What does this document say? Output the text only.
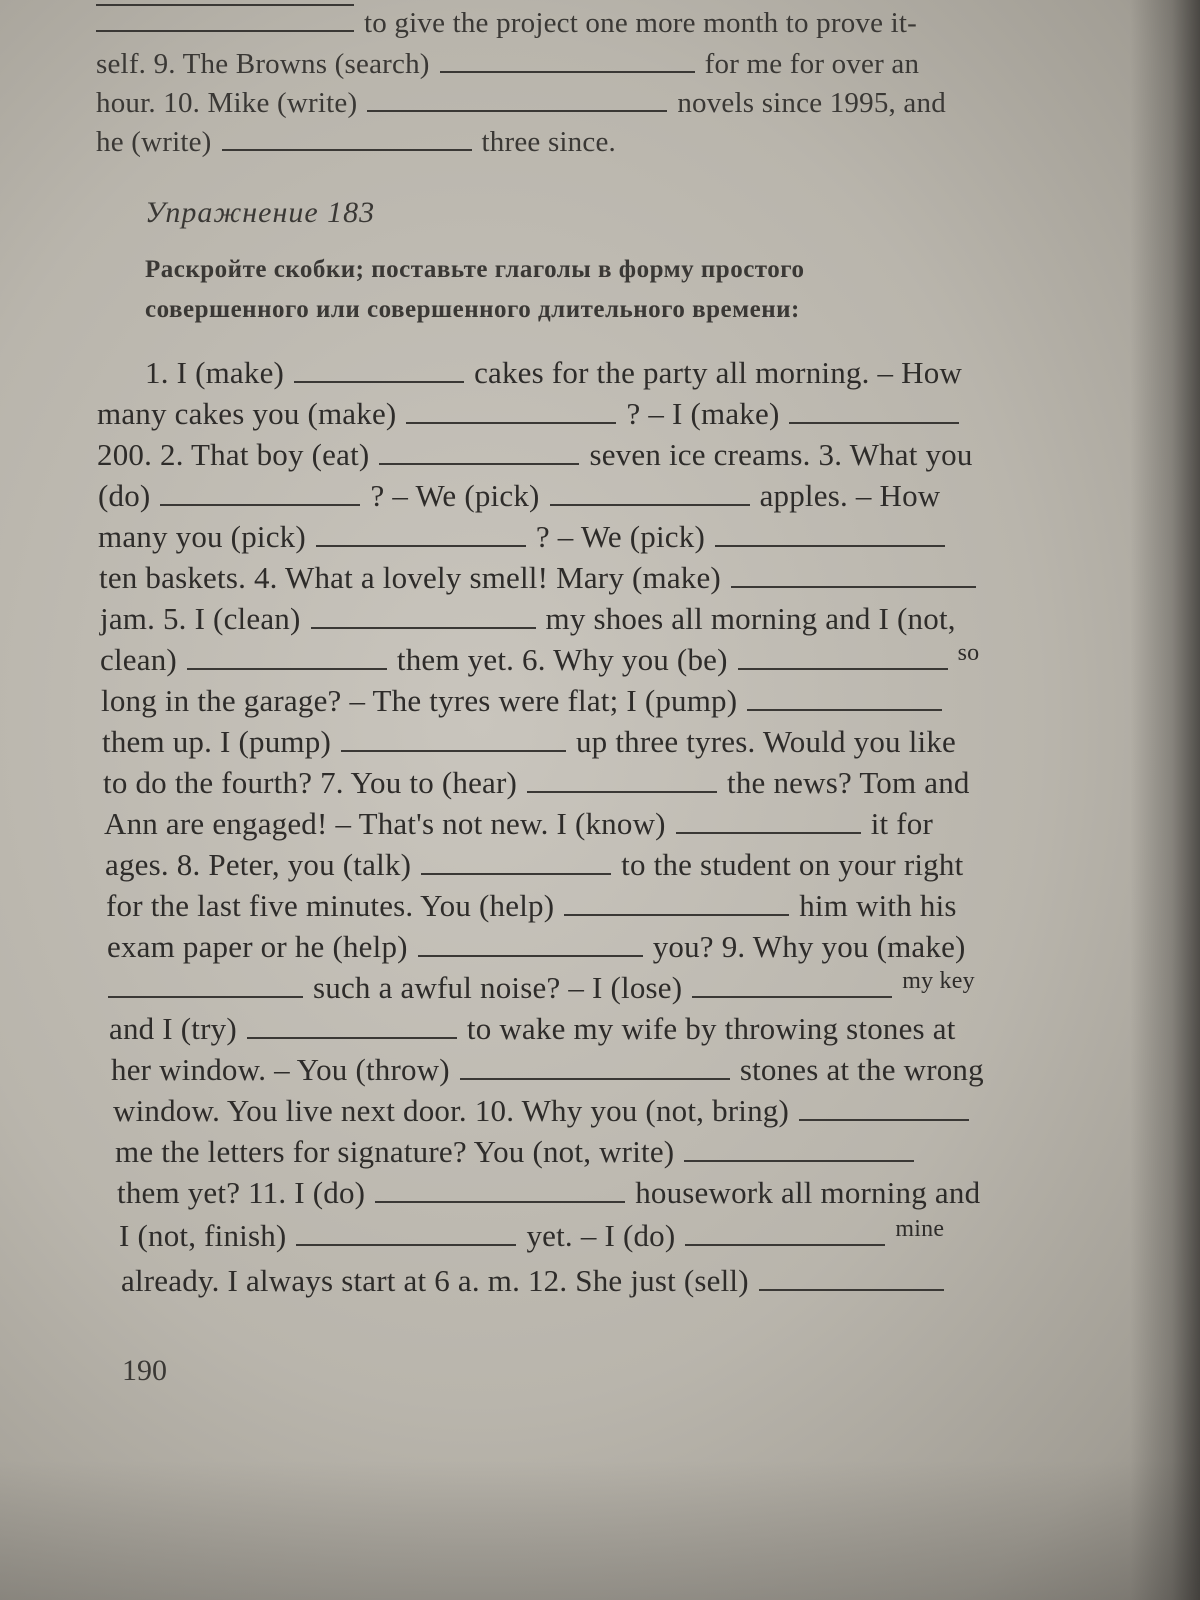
to give the project one more month to prove it-
self. 9. The Browns (search)	for me for over an
hour. 10. Mike (write)	novels since 1995, and
he (write)	three since.
Упражнение 183
Раскройте скобки; поставьте глаголы в форму простого
совершенного или совершенного длительного времени:
1. I (make)	cakes for the party all morning. – How
many cakes you (make)	? – I (make)
200. 2. That boy (eat)	seven ice creams. 3. What you
(do)	? – We (pick)	apples. – How
many you (pick)	? – We (pick)
ten baskets. 4. What a lovely smell! Mary (make)
jam. 5. I (clean)	my shoes all morning and I (not,
clean)	them yet. 6. Why you (be)	$^{so}$
long in the garage? – The tyres were flat; I (pump)
them up. I (pump)	up three tyres. Would you like
to do the fourth? 7. You to (hear)	the news? Tom and
Ann are engaged! – That's not new. I (know)	it for
ages. 8. Peter, you (talk)	to the student on your right
for the last five minutes. You (help)	him with his
exam paper or he (help)	you? 9. Why you (make)
such a awful noise? – I (lose)	$^{my key}$
and I (try)	to wake my wife by throwing stones at
her window. – You (throw)	stones at the wrong
window. You live next door. 10. Why you (not, bring)
me the letters for signature? You (not, write)
them yet? 11. I (do)	housework all morning and
I (not, finish)	yet. – I (do)	$^{mine}$
already. I always start at 6 a. m. 12. She just (sell)
190
